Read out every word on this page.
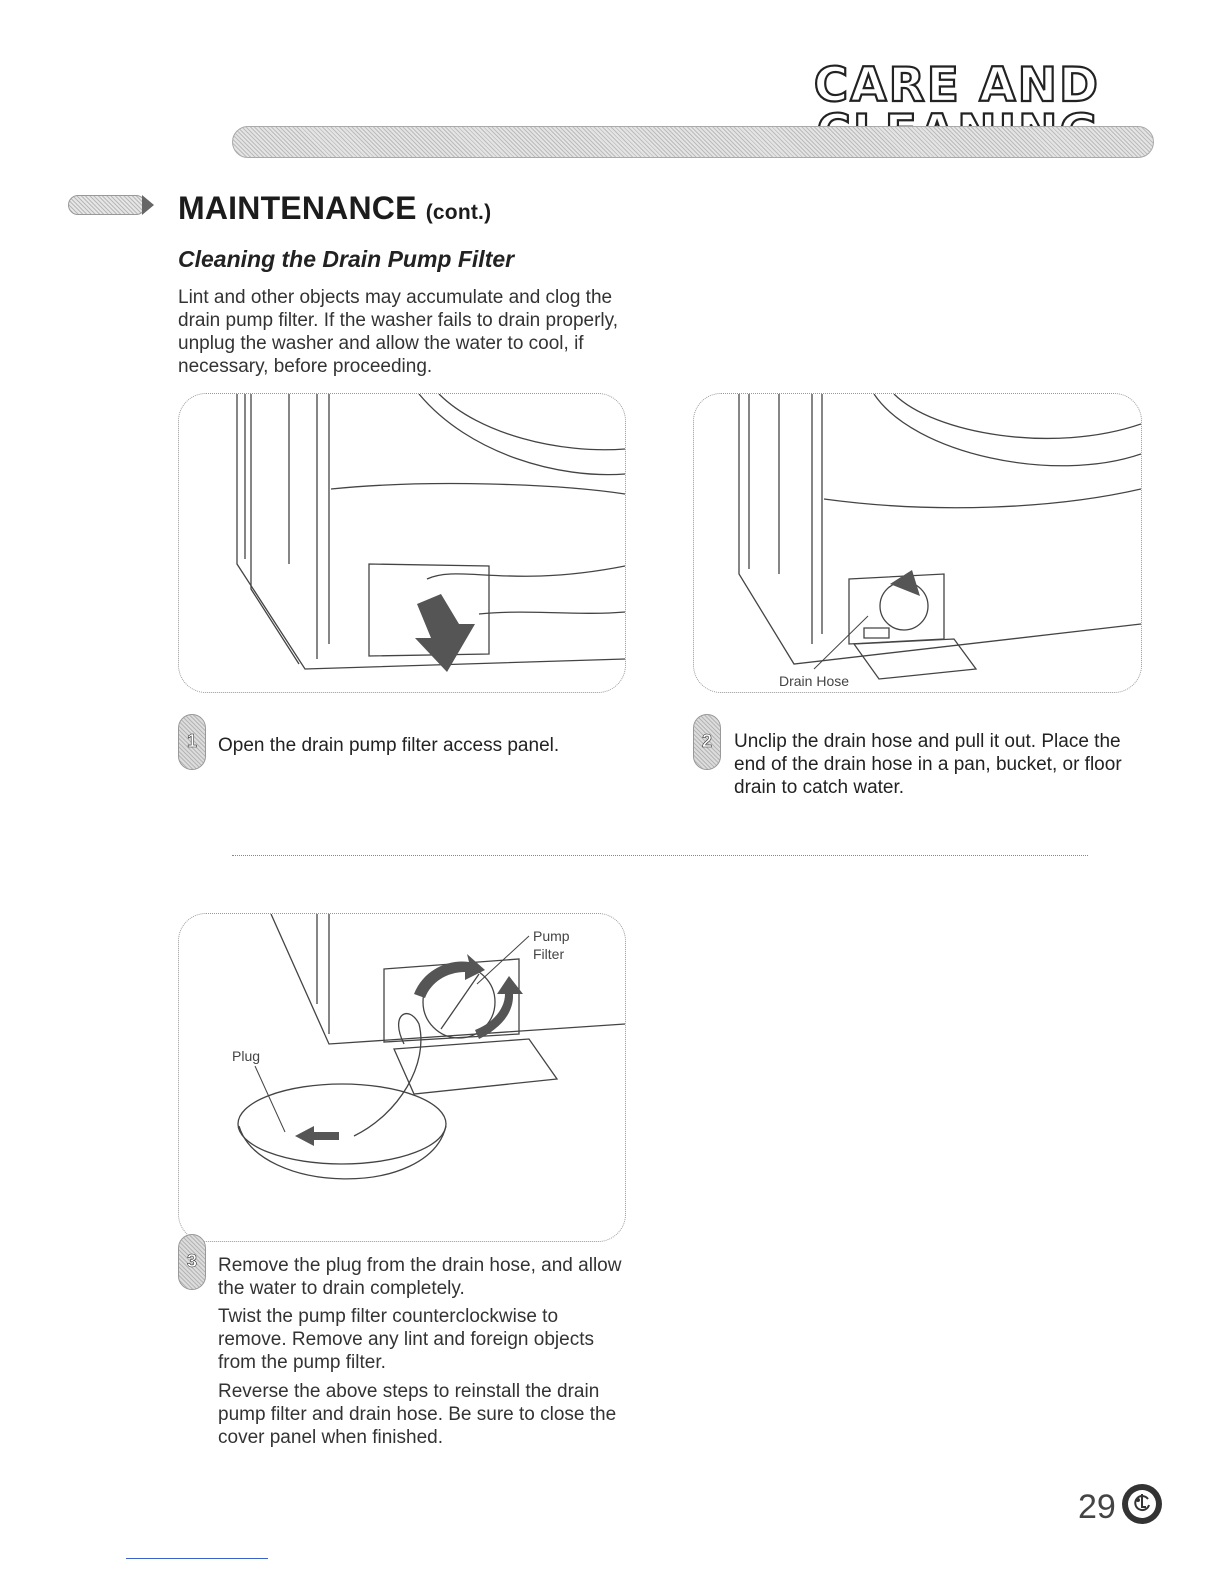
CARE AND
MAINTENANCE (cont.)
Cleaning the Drain Pump Filter
Lint and other objects may accumulate and clog the drain pump filter. If the washer fails to drain properly, unplug the washer and allow the water to cool, if necessary, before proceeding.
Drain Hose
1	Open the drain pump filter access panel.	2	Unclip the drain hose and pull it out. Place the end of the drain hose in a pan, bucket, or floor drain to catch water.
Plug
Pump
Filter
3	Remove the plug from the drain hose, and allow the water to drain completely.
Twist the pump filter counterclockwise to remove. Remove any lint and foreign objects from the pump filter.
Reverse the above steps to reinstall the drain pump filter and drain hose. Be sure to close the cover panel when finished.
29
